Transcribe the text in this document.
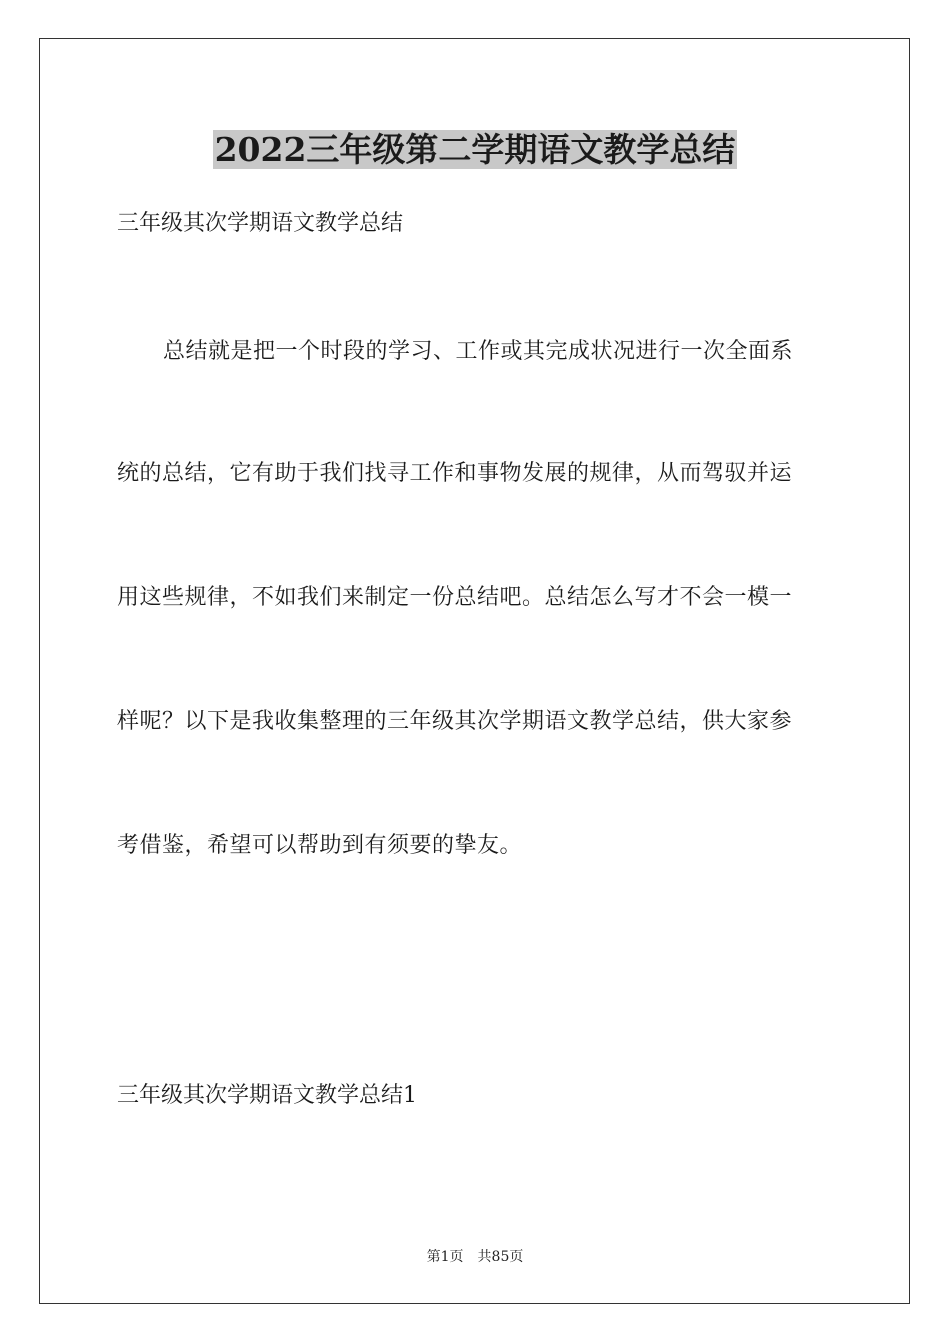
2022三年级第二学期语文教学总结
三年级其次学期语文教学总结
总结就是把一个时段的学习、工作或其完成状况进行一次全面系
统的总结，它有助于我们找寻工作和事物发展的规律，从而驾驭并运
用这些规律，不如我们来制定一份总结吧。总结怎么写才不会一模一
样呢？以下是我收集整理的三年级其次学期语文教学总结，供大家参
考借鉴，希望可以帮助到有须要的挚友。
三年级其次学期语文教学总结1
第1页 共85页
